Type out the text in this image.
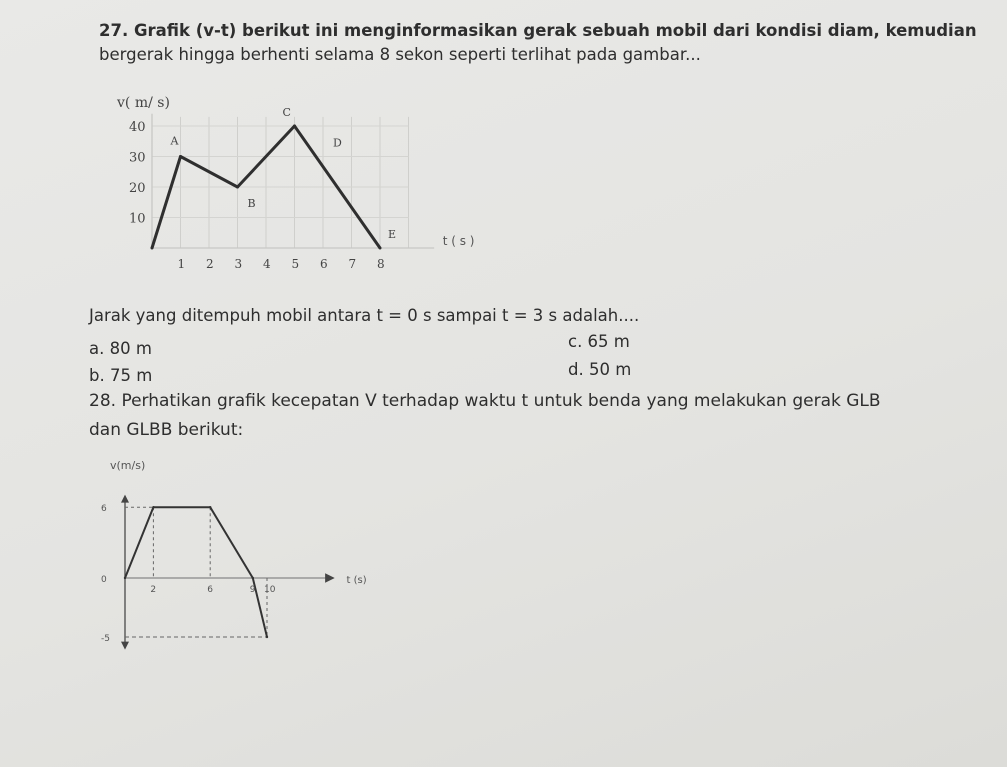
27. Grafik (v-t) berikut ini menginformasikan gerak sebuah mobil dari kondisi diam, kemudian
bergerak hingga berhenti selama 8 sekon seperti terlihat pada gambar...
v( m/ s)
t ( s )
40
30
20
10
1 2 3 4 5 6 7 8
A
B
C
D
E
Jarak yang ditempuh mobil antara t = 0 s sampai t = 3 s adalah....
a. 80 m	c. 65 m
b. 75 m	d. 50 m
28. Perhatikan grafik kecepatan V terhadap waktu t untuk benda yang melakukan gerak GLB
dan GLBB berikut:
v(m/s)
t (s)
6
0
-5
2	6	9 10
